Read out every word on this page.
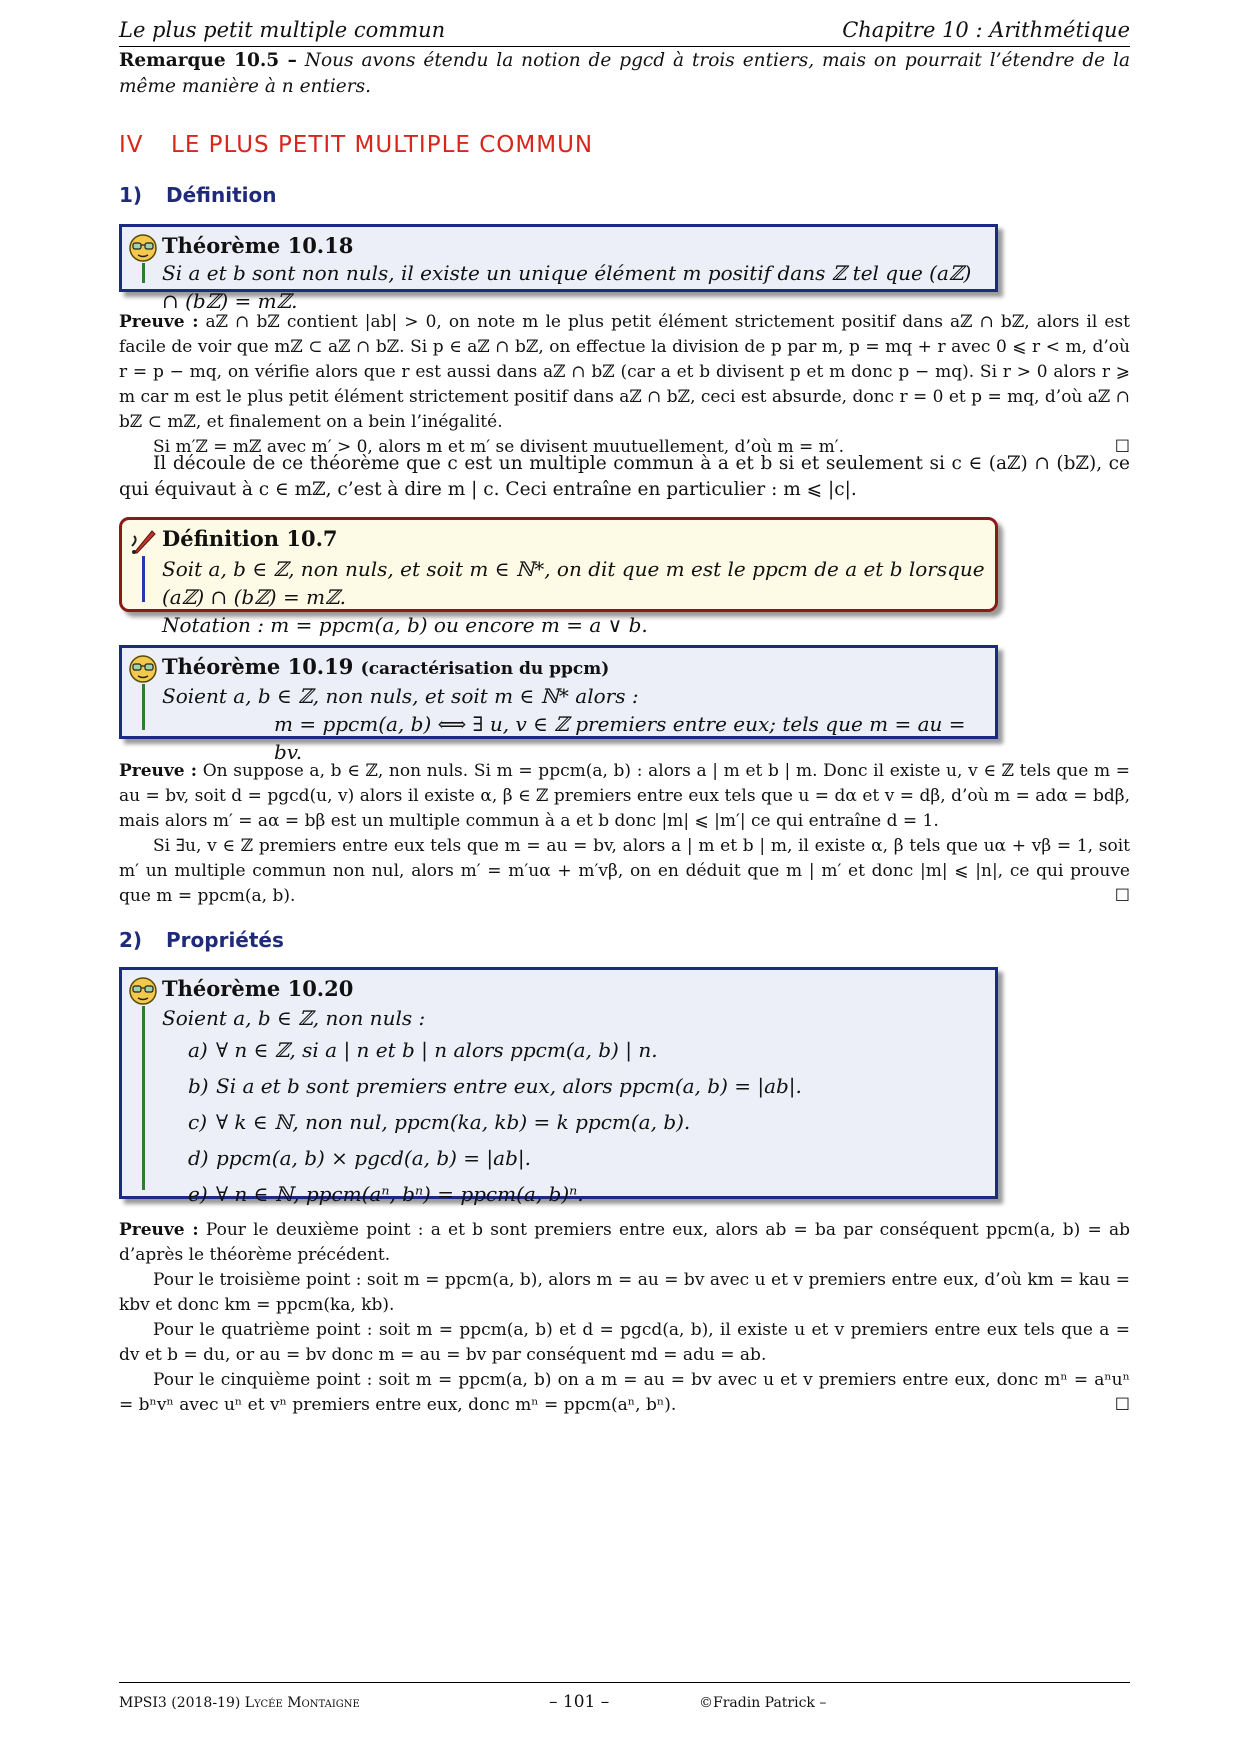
Le plus petit multiple commun	Chapitre 10 : Arithmétique
Remarque 10.5 – Nous avons étendu la notion de pgcd à trois entiers, mais on pourrait l’étendre de la même manière à n entiers.
IV LE PLUS PETIT MULTIPLE COMMUN
1) Définition
Théorème 10.18
Si a et b sont non nuls, il existe un unique élément m positif dans ℤ tel que (aℤ) ∩ (bℤ) = mℤ.
Preuve : aℤ ∩ bℤ contient |ab| > 0, on note m le plus petit élément strictement positif dans aℤ ∩ bℤ, alors il est facile de voir que mℤ ⊂ aℤ ∩ bℤ. Si p ∈ aℤ ∩ bℤ, on effectue la division de p par m, p = mq + r avec 0 ⩽ r < m, d’où r = p − mq, on vérifie alors que r est aussi dans aℤ ∩ bℤ (car a et b divisent p et m donc p − mq). Si r > 0 alors r ⩾ m car m est le plus petit élément strictement positif dans aℤ ∩ bℤ, ceci est absurde, donc r = 0 et p = mq, d’où aℤ ∩ bℤ ⊂ mℤ, et finalement on a bein l’inégalité.
Si m′ℤ = mℤ avec m′ > 0, alors m et m′ se divisent muutuellement, d’où m = m′.	☐
Il découle de ce théorème que c est un multiple commun à a et b si et seulement si c ∈ (aℤ) ∩ (bℤ), ce qui équivaut à c ∈ mℤ, c’est à dire m | c. Ceci entraîne en particulier : m ⩽ |c|.
Définition 10.7
Soit a, b ∈ ℤ, non nuls, et soit m ∈ ℕ*, on dit que m est le ppcm de a et b lorsque (aℤ) ∩ (bℤ) = mℤ.
Notation : m = ppcm(a, b) ou encore m = a ∨ b.
Théorème 10.19 (caractérisation du ppcm)
Soient a, b ∈ ℤ, non nuls, et soit m ∈ ℕ* alors :
m = ppcm(a, b) ⟺ ∃ u, v ∈ ℤ premiers entre eux; tels que m = au = bv.
Preuve : On suppose a, b ∈ ℤ, non nuls. Si m = ppcm(a, b) : alors a | m et b | m. Donc il existe u, v ∈ ℤ tels que m = au = bv, soit d = pgcd(u, v) alors il existe α, β ∈ ℤ premiers entre eux tels que u = dα et v = dβ, d’où m = adα = bdβ, mais alors m′ = aα = bβ est un multiple commun à a et b donc |m| ⩽ |m′| ce qui entraîne d = 1.
Si ∃u, v ∈ ℤ premiers entre eux tels que m = au = bv, alors a | m et b | m, il existe α, β tels que uα + vβ = 1, soit m′ un multiple commun non nul, alors m′ = m′uα + m′vβ, on en déduit que m | m′ et donc |m| ⩽ |n|, ce qui prouve que m = ppcm(a, b).	☐
2) Propriétés
Théorème 10.20
Soient a, b ∈ ℤ, non nuls :
a) ∀ n ∈ ℤ, si a | n et b | n alors ppcm(a, b) | n.
b) Si a et b sont premiers entre eux, alors ppcm(a, b) = |ab|.
c) ∀ k ∈ ℕ, non nul, ppcm(ka, kb) = k ppcm(a, b).
d) ppcm(a, b) × pgcd(a, b) = |ab|.
e) ∀ n ∈ ℕ, ppcm(aⁿ, bⁿ) = ppcm(a, b)ⁿ.
Preuve : Pour le deuxième point : a et b sont premiers entre eux, alors ab = ba par conséquent ppcm(a, b) = ab d’après le théorème précédent.
Pour le troisième point : soit m = ppcm(a, b), alors m = au = bv avec u et v premiers entre eux, d’où km = kau = kbv et donc km = ppcm(ka, kb).
Pour le quatrième point : soit m = ppcm(a, b) et d = pgcd(a, b), il existe u et v premiers entre eux tels que a = dv et b = du, or au = bv donc m = au = bv par conséquent md = adu = ab.
Pour le cinquième point : soit m = ppcm(a, b) on a m = au = bv avec u et v premiers entre eux, donc mⁿ = aⁿuⁿ = bⁿvⁿ avec uⁿ et vⁿ premiers entre eux, donc mⁿ = ppcm(aⁿ, bⁿ).	☐
MPSI3 (2018-19) Lycée Montaigne	– 101 –	©Fradin Patrick –
